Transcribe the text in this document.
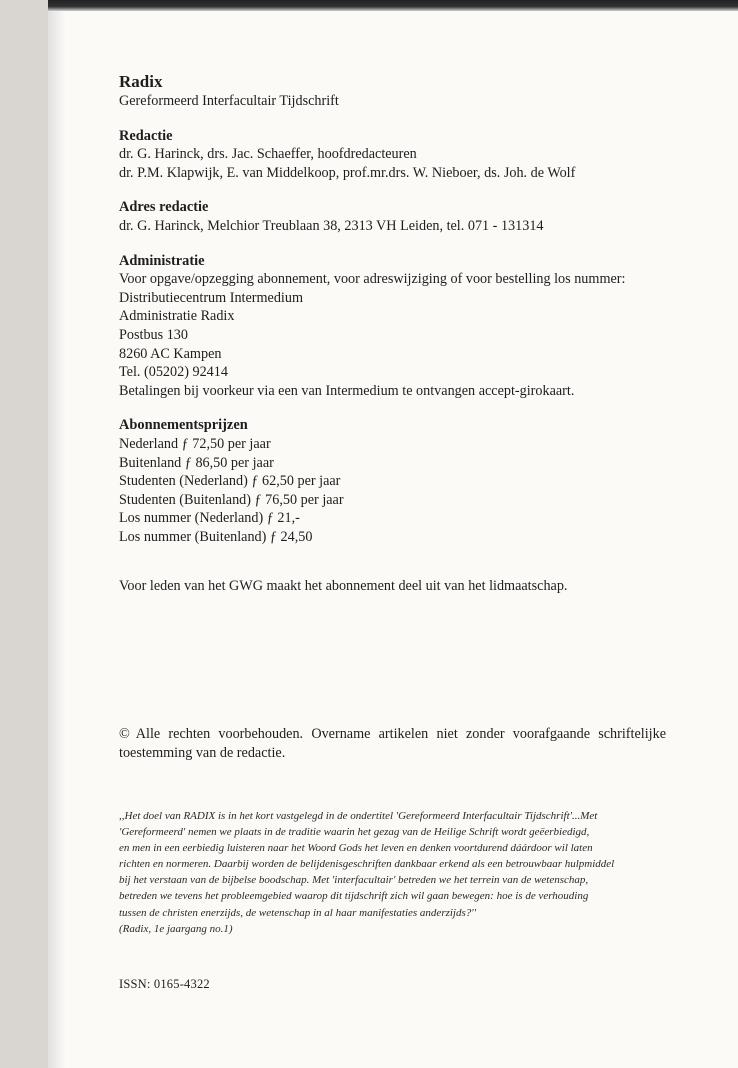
Radix

Gereformeerd Interfacultair Tijdschrift

Redactie

dr. G. Harinck, drs. Jac. Schaeffer, hoofdredacteuren

dr. P.M. Klapwijk, E. van Middelkoop, prof.mr.drs. W. Nieboer, ds. Joh. de Wolf

Adres redactie

dr. G. Harinck, Melchior Treublaan 38, 2313 VH Leiden, tel. 071 - 131314

Administratie

Voor opgave/opzegging abonnement, voor adreswijziging of voor bestelling los nummer:

Distributiecentrum Intermedium

Administratie Radix

Postbus 130

8260 AC Kampen

Tel. (05202) 92414

Betalingen bij voorkeur via een van Intermedium te ontvangen accept-girokaart.

Abonnementsprijzen

Nederland ƒ 72,50 per jaar

Buitenland ƒ 86,50 per jaar

Studenten (Nederland) ƒ 62,50 per jaar

Studenten (Buitenland) ƒ 76,50 per jaar

Los nummer (Nederland) ƒ 21,-

Los nummer (Buitenland) ƒ 24,50

Voor leden van het GWG maakt het abonnement deel uit van het lidmaatschap.

© Alle rechten voorbehouden. Overname artikelen niet zonder voorafgaande schriftelijke toestemming van de redactie.

,,Het doel van RADIX is in het kort vastgelegd in de ondertitel 'Gereformeerd Interfacultair Tijdschrift'...Met

'Gereformeerd' nemen we plaats in de traditie waarin het gezag van de Heilige Schrift wordt geëerbiedigd,

en men in een eerbiedig luisteren naar het Woord Gods het leven en denken voortdurend dáárdoor wil laten

richten en normeren. Daarbij worden de belijdenisgeschriften dankbaar erkend als een betrouwbaar hulpmiddel

bij het verstaan van de bijbelse boodschap. Met 'interfacultair' betreden we het terrein van de wetenschap,

betreden we tevens het probleemgebied waarop dit tijdschrift zich wil gaan bewegen: hoe is de verhouding

tussen de christen enerzijds, de wetenschap in al haar manifestaties anderzijds?''

(Radix, 1e jaargang no.1)

ISSN: 0165-4322
